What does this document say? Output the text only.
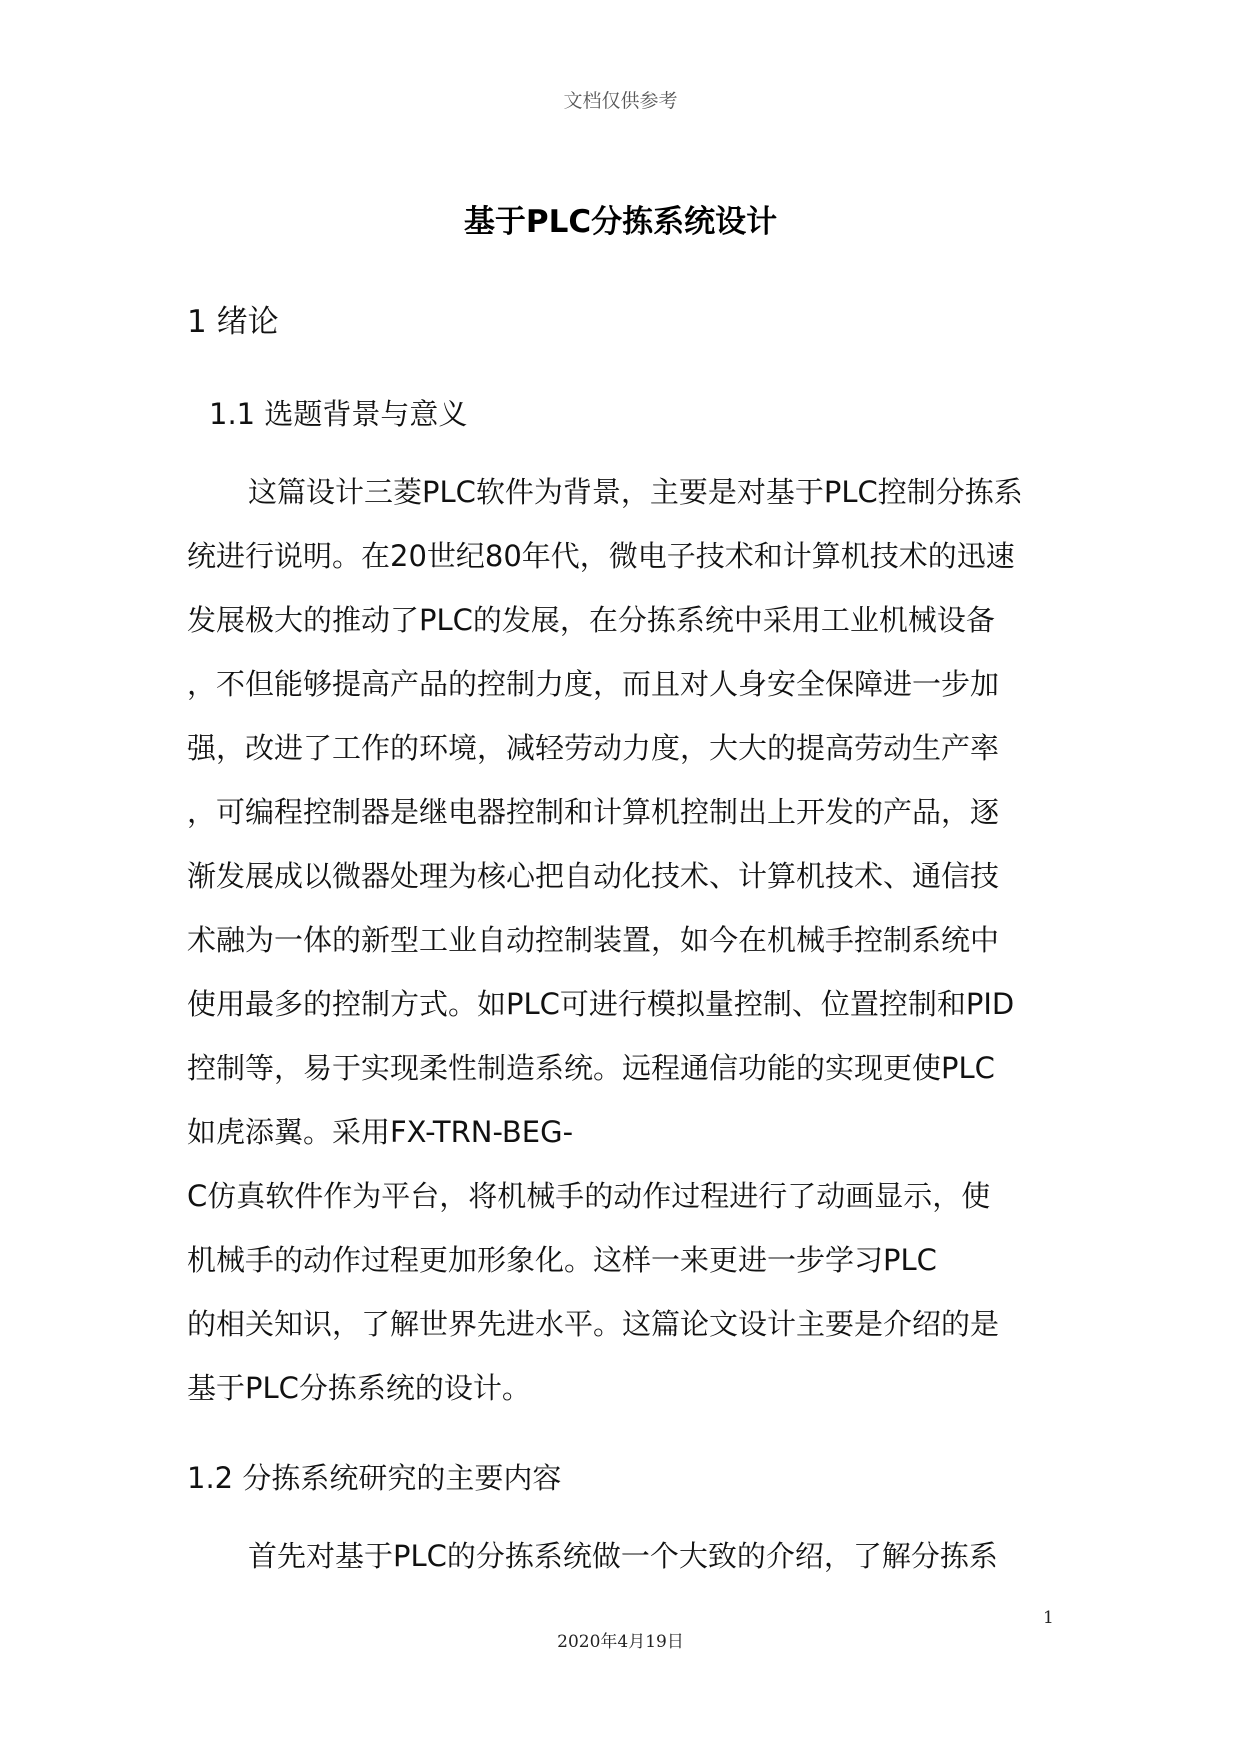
文档仅供参考
基于PLC分拣系统设计
1 绪论
1.1 选题背景与意义
这篇设计三菱PLC软件为背景，主要是对基于PLC控制分拣系
统进行说明。在20世纪80年代，微电子技术和计算机技术的迅速
发展极大的推动了PLC的发展，在分拣系统中采用工业机械设备
，不但能够提高产品的控制力度，而且对人身安全保障进一步加
强，改进了工作的环境，减轻劳动力度，大大的提高劳动生产率
，可编程控制器是继电器控制和计算机控制出上开发的产品，逐
渐发展成以微器处理为核心把自动化技术、计算机技术、通信技
术融为一体的新型工业自动控制装置，如今在机械手控制系统中
使用最多的控制方式。如PLC可进行模拟量控制、位置控制和PID
控制等，易于实现柔性制造系统。远程通信功能的实现更使PLC
如虎添翼。采用FX-TRN-BEG-
C仿真软件作为平台，将机械手的动作过程进行了动画显示，使
机械手的动作过程更加形象化。这样一来更进一步学习PLC
的相关知识，了解世界先进水平。这篇论文设计主要是介绍的是
基于PLC分拣系统的设计。
1.2 分拣系统研究的主要内容
首先对基于PLC的分拣系统做一个大致的介绍，了解分拣系
1
2020年4月19日
